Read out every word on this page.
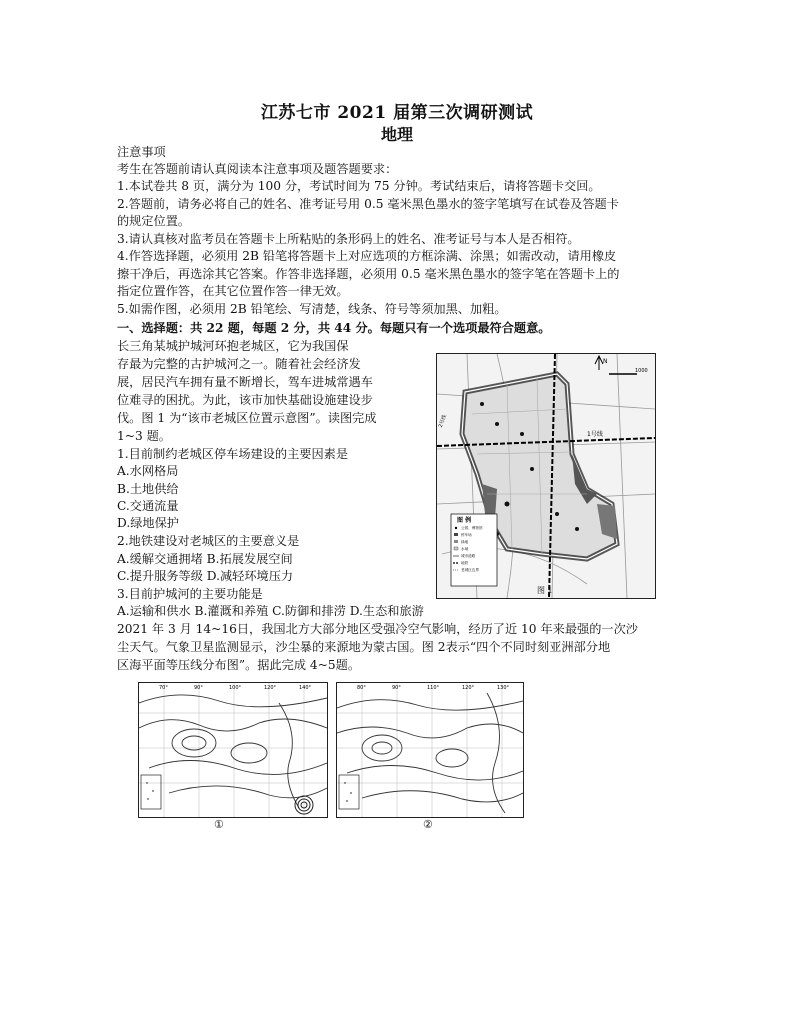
江苏七市 2021 届第三次调研测试
地理
注意事项
考生在答题前请认真阅读本注意事项及题答题要求：
1.本试卷共 8 页，满分为 100 分，考试时间为 75 分钟。考试结束后，请将答题卡交回。
2.答题前，请务必将自己的姓名、准考证号用 0.5 毫米黑色墨水的签字笔填写在试卷及答题卡
的规定位置。
3.请认真核对监考员在答题卡上所粘贴的条形码上的姓名、准考证号与本人是否相符。
4.作答选择题，必须用 2B 铅笔将答题卡上对应选项的方框涂满、涂黑；如需改动，请用橡皮
擦干净后，再选涂其它答案。作答非选择题，必须用 0.5 毫米黑色墨水的签字笔在答题卡上的
指定位置作答，在其它位置作答一律无效。
5.如需作图，必须用 2B 铅笔绘、写清楚，线条、符号等须加黑、加粗。
一、选择题：共 22 题，每题 2 分，共 44 分。每题只有一个选项最符合题意。
长三角某城护城河环抱老城区，它为我国保
存最为完整的古护城河之一。随着社会经济发
展，居民汽车拥有量不断增长，驾车进城常遇车
位难寻的困扰。为此，该市加快基础设施建设步
伐。图 1 为“该市老城区位置示意图”。读图完成
1~3 题。
1.目前制约老城区停车场建设的主要因素是
A.水网格局
B.土地供给
C.交通流量
D.绿地保护
2.地铁建设对老城区的主要意义是
A.缓解交通拥堵 B.拓展发展空间
C.提升服务等级 D.减轻环境压力
3.目前护城河的主要功能是
A.运输和供水 B.灌溉和养殖 C.防御和排涝 D.生态和旅游
2021 年 3 月 14~16日，我国北方大部分地区受强冷空气影响，经历了近 10 年来最强的一次沙
尘天气。气象卫星监测显示，沙尘暴的来源地为蒙古国。图 2表示“四个不同时刻亚洲部分地
区海平面等压线分布图”。据此完成 4~5题。
N
1000
1号线
2号线
图 例
公园、博物馆
停车场
绿地
水域
城市道路
地铁
老城区边界
图 1
70°	90°	100°	120°	140°
①
80°	90°	110°	120°	130°
②
